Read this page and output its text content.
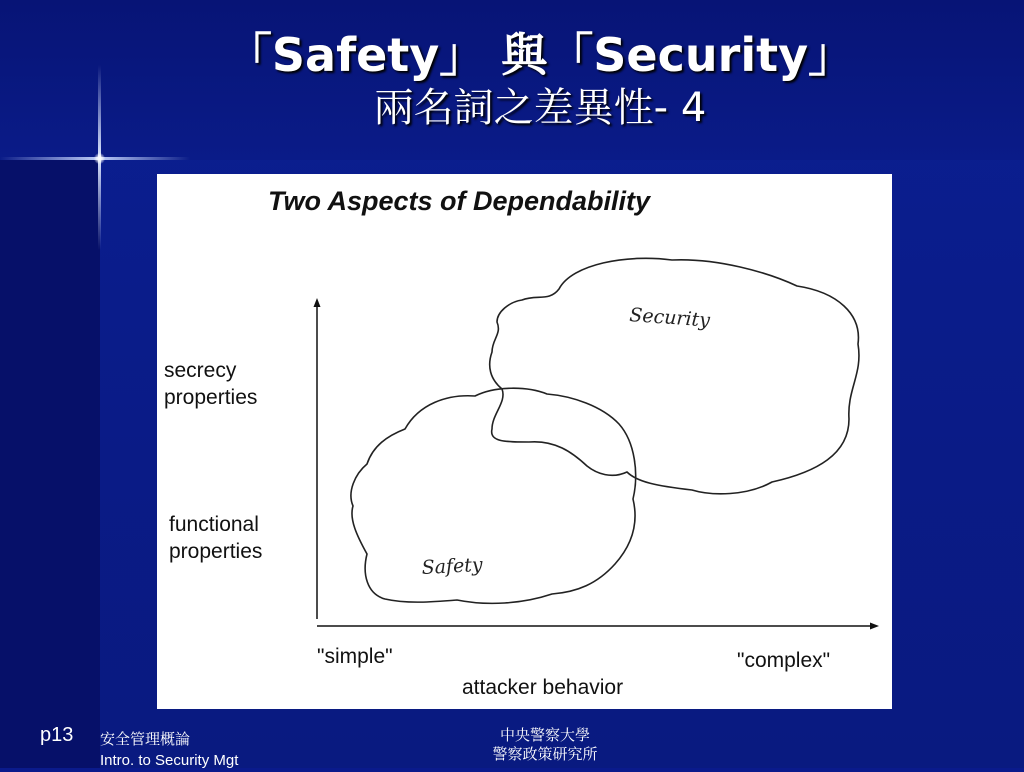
「Safety」 與「Security」
兩名詞之差異性- 4
Two Aspects of Dependability
secrecy
properties
functional
properties
"simple"	"complex"
attacker behavior
Security
Safety
p13 安全管理概論
Intro. to Security Mgt
中央警察大學
警察政策研究所
